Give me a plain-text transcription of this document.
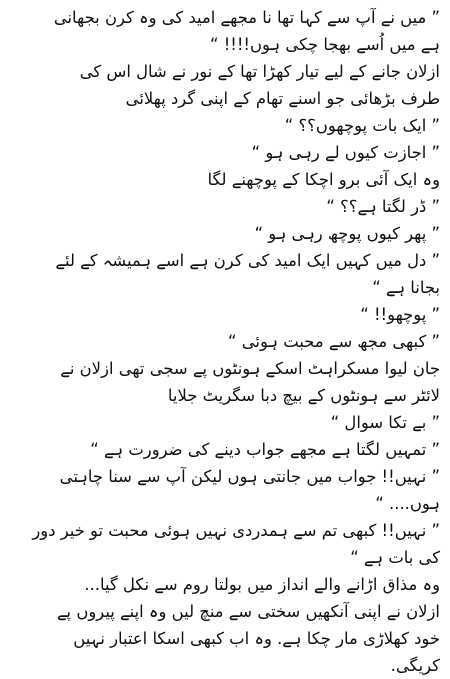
” میں نے آپ سے کہا تھا نا مجھے امید کی وہ کرن بجھانی

ہے میں اُسے بھجا چکی ہوں!!!! “

ازلان جانے کے لیے تیار کھڑا تھا کے نور نے شال اس کی

طرف بڑھائی جو اسنے تھام کے اپنی گرد پھلائی

” ایک بات پوچھوں؟؟ “

” اجازت کیوں لے رہی ہو “

وہ ایک آئی برو اچکا کے پوچھنے لگا

” ڈر لگتا ہے؟؟ “

” پھر کیوں پوچھ رہی ہو “

” دل میں کہیں ایک امید کی کرن ہے اسے ہمیشہ کے لئے

بجانا ہے “

” پوچھو!! “

” کبھی مجھ سے محبت ہوئی “

جان لیوا مسکراہٹ اسکے ہونٹوں پے سجی تھی ازلان نے

لائٹر سے ہونٹوں کے بیچ دبا سگریٹ جلایا

” بے تکا سوال “

” تمہیں لگتا ہے مجھے جواب دینے کی ضرورت ہے “

” نہیں!! جواب میں جانتی ہوں لیکن آپ سے سنا چاہتی

ہوں.... “

” نہیں!! کبھی تم سے ہمدردی نہیں ہوئی محبت تو خیر دور

کی بات ہے “

وہ مذاق اڑانے والے انداز میں بولتا روم سے نکل گیا...

ازلان نے اپنی آنکھیں سختی سے منچ لیں وہ اپنے پیروں پے

خود کھلاڑی مار چکا ہے. وہ اب کبھی اسکا اعتبار نہیں

کریگی.
